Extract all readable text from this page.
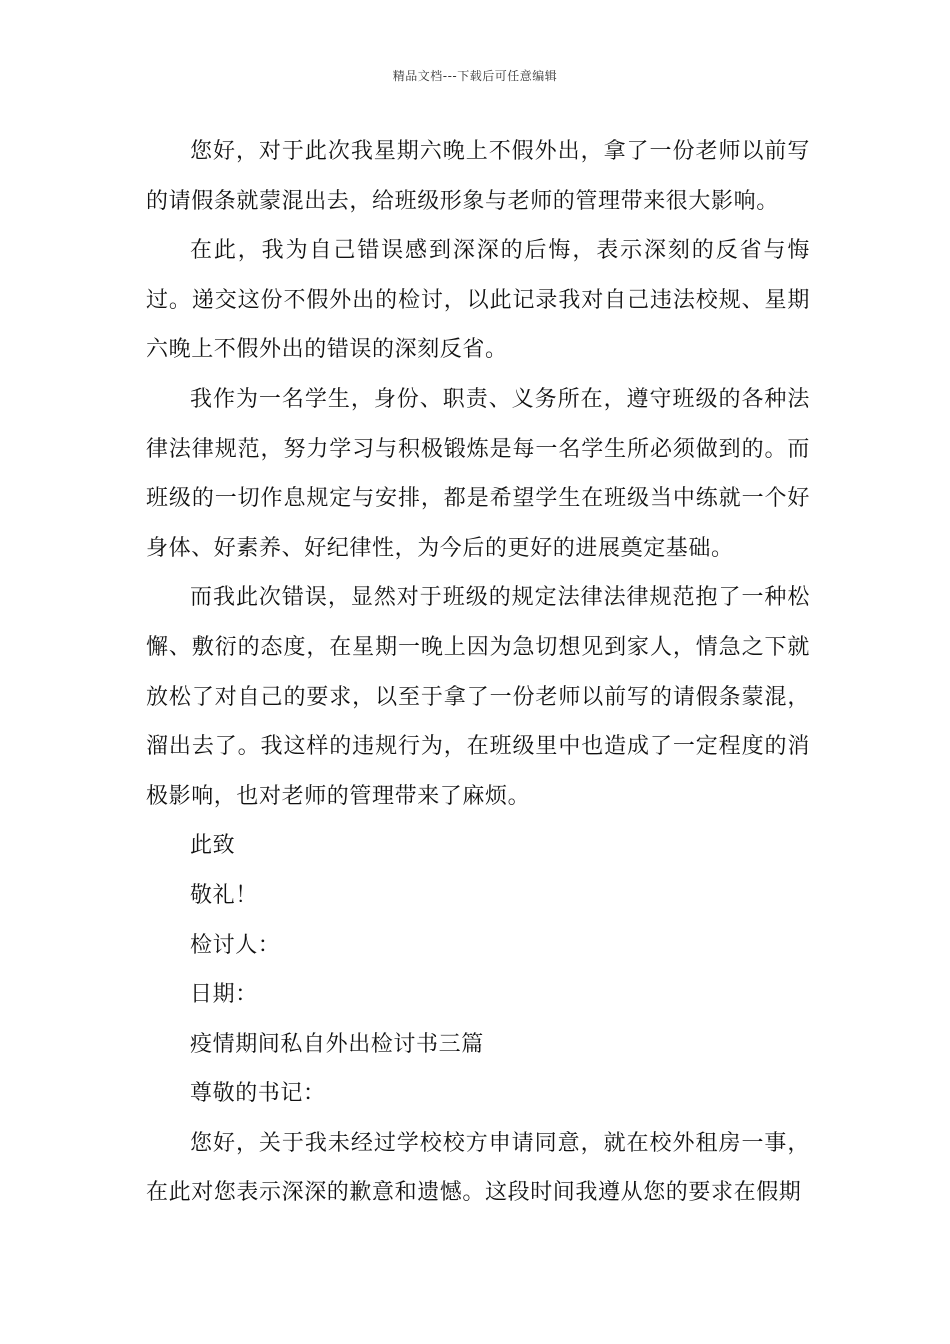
精品文档---下载后可任意编辑

您好，对于此次我星期六晚上不假外出，拿了一份老师以前写的请假条就蒙混出去，给班级形象与老师的管理带来很大影响。

在此，我为自己错误感到深深的后悔，表示深刻的反省与悔过。递交这份不假外出的检讨，以此记录我对自己违法校规、星期六晚上不假外出的错误的深刻反省。

我作为一名学生，身份、职责、义务所在，遵守班级的各种法律法律规范，努力学习与积极锻炼是每一名学生所必须做到的。而班级的一切作息规定与安排，都是希望学生在班级当中练就一个好身体、好素养、好纪律性，为今后的更好的进展奠定基础。

而我此次错误，显然对于班级的规定法律法律规范抱了一种松懈、敷衍的态度，在星期一晚上因为急切想见到家人，情急之下就放松了对自己的要求，以至于拿了一份老师以前写的请假条蒙混，溜出去了。我这样的违规行为，在班级里中也造成了一定程度的消极影响，也对老师的管理带来了麻烦。

此致

敬礼！

检讨人：

日期：

疫情期间私自外出检讨书三篇

尊敬的书记：

您好，关于我未经过学校校方申请同意，就在校外租房一事，在此对您表示深深的歉意和遗憾。这段时间我遵从您的要求在假期
